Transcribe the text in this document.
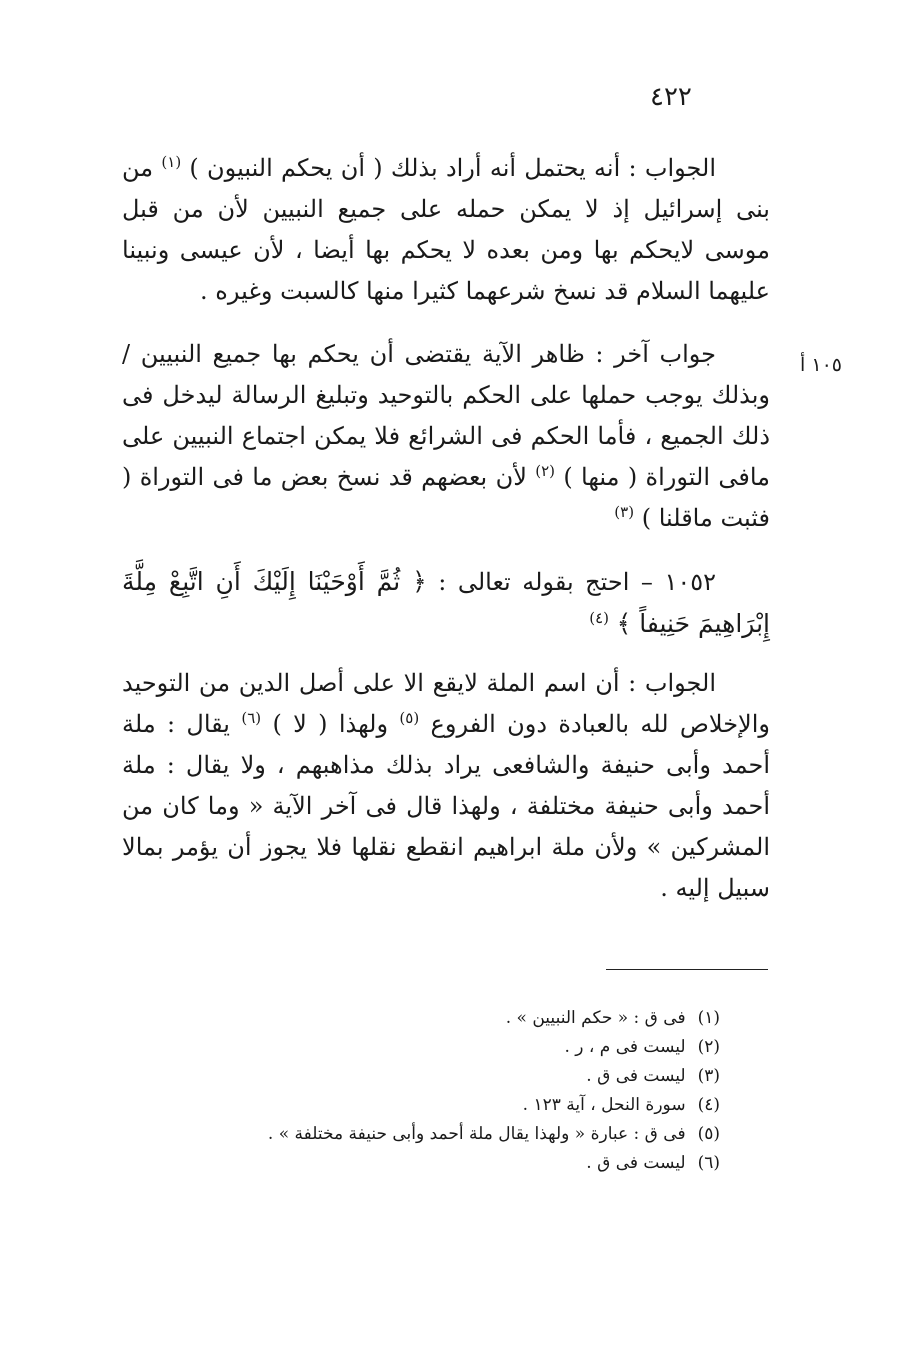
٤٢٢
١٠٥ أ

الجواب : أنه يحتمل أنه أراد بذلك ( أن يحكم النبيون ) $^{(١)}$ من بنى إسرائيل إذ لا يمكن حمله على جميع النبيين لأن من قبل موسى لايحكم بها ومن بعده لا يحكم بها أيضا ، لأن عيسى ونبينا عليهما السلام قد نسخ شرعهما كثيرا منها كالسبت وغيره .

جواب آخر : ظاهر الآية يقتضى أن يحكم بها جميع النبيين / وبذلك يوجب حملها على الحكم بالتوحيد وتبليغ الرسالة ليدخل فى ذلك الجميع ، فأما الحكم فى الشرائع فلا يمكن اجتماع النبيين على مافى التوراة ( منها ) $^{(٢)}$ لأن بعضهم قد نسخ بعض ما فى التوراة ( فثبت ماقلنا ) $^{(٣)}$

١٠٥٢ – احتج بقوله تعالى : ﴿ ثُمَّ أَوْحَيْنَا إِلَيْكَ أَنِ اتَّبِعْ مِلَّةَ إِبْرَاهِيمَ حَنِيفاً ﴾ $^{(٤)}$

الجواب : أن اسم الملة لايقع الا على أصل الدين من التوحيد والإخلاص لله بالعبادة دون الفروع $^{(٥)}$ ولهذا ( لا ) $^{(٦)}$ يقال : ملة أحمد وأبى حنيفة والشافعى يراد بذلك مذاهبهم ، ولا يقال : ملة أحمد وأبى حنيفة مختلفة ، ولهذا قال فى آخر الآية « وما كان من المشركين » ولأن ملة ابراهيم انقطع نقلها فلا يجوز أن يؤمر بمالا سبيل إليه .

(١)فى ق : « حكم النبيين » .
(٢)ليست فى م ، ر .
(٣)ليست فى ق .
(٤)سورة النحل ، آية ١٢٣ .
(٥)فى ق : عبارة « ولهذا يقال ملة أحمد وأبى حنيفة مختلفة » .
(٦)ليست فى ق .
